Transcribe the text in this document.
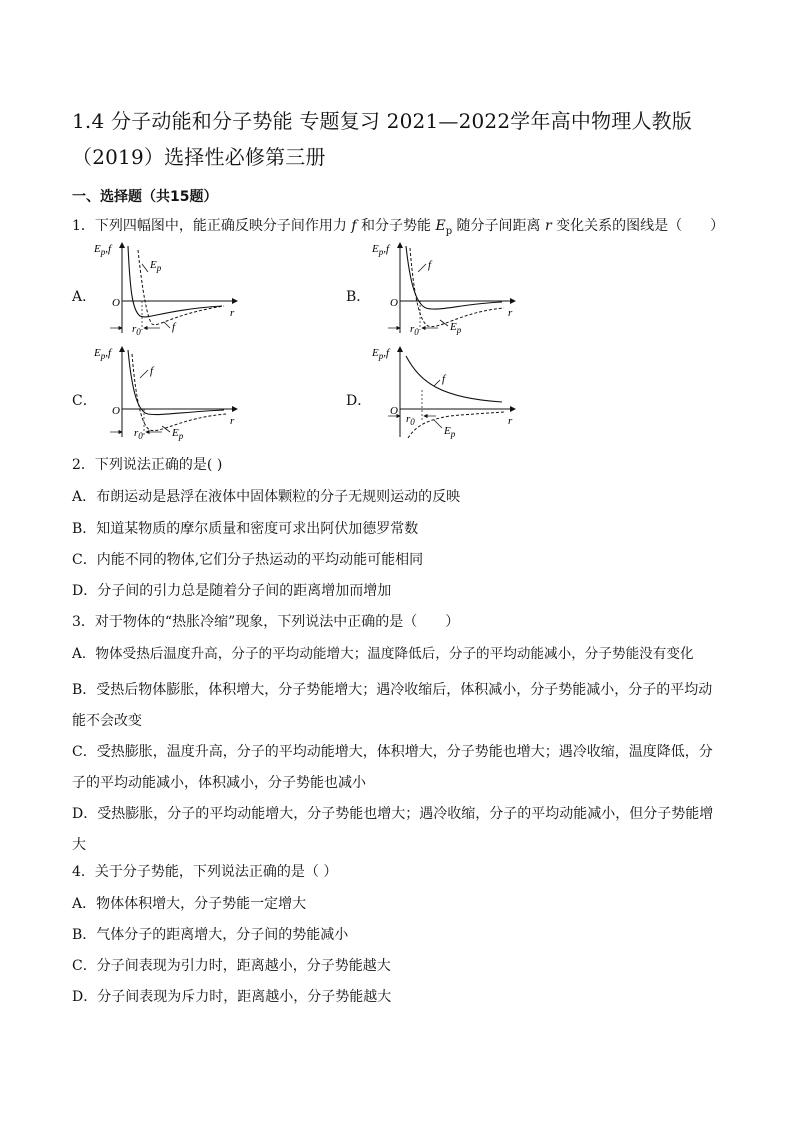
1.4 分子动能和分子势能 专题复习 2021—2022学年高中物理人教版
（2019）选择性必修第三册
一、选择题（共15题）
1．下列四幅图中，能正确反映分子间作用力 f 和分子势能 $E_p$ 随分子间距离 r 变化关系的图线是（　　）
A．	B．
C．	D．
$E_p,f$
O
r
$E_p$
f
$r_0$
$E_p,f$
O
r
f
$E_p$
$r_0$
$E_p,f$
O
r
f
$E_p$
$r_0$
$E_p,f$
O
r
f
$E_p$
$r_0$
2．下列说法正确的是( )
A．布朗运动是悬浮在液体中固体颗粒的分子无规则运动的反映
B．知道某物质的摩尔质量和密度可求出阿伏加德罗常数
C．内能不同的物体,它们分子热运动的平均动能可能相同
D．分子间的引力总是随着分子间的距离增加而增加
3．对于物体的“热胀冷缩”现象，下列说法中正确的是（　　）
A．物体受热后温度升高，分子的平均动能增大；温度降低后，分子的平均动能减小，分子势能没有变化
B．受热后物体膨胀，体积增大，分子势能增大；遇冷收缩后，体积减小，分子势能减小，分子的平均动能不会改变
C．受热膨胀，温度升高，分子的平均动能增大，体积增大，分子势能也增大；遇冷收缩，温度降低，分子的平均动能减小，体积减小，分子势能也减小
D．受热膨胀，分子的平均动能增大，分子势能也增大；遇冷收缩，分子的平均动能减小，但分子势能增大
4．关于分子势能，下列说法正确的是（ ）
A．物体体积增大，分子势能一定增大
B．气体分子的距离增大，分子间的势能减小
C．分子间表现为引力时，距离越小，分子势能越大
D．分子间表现为斥力时，距离越小，分子势能越大
